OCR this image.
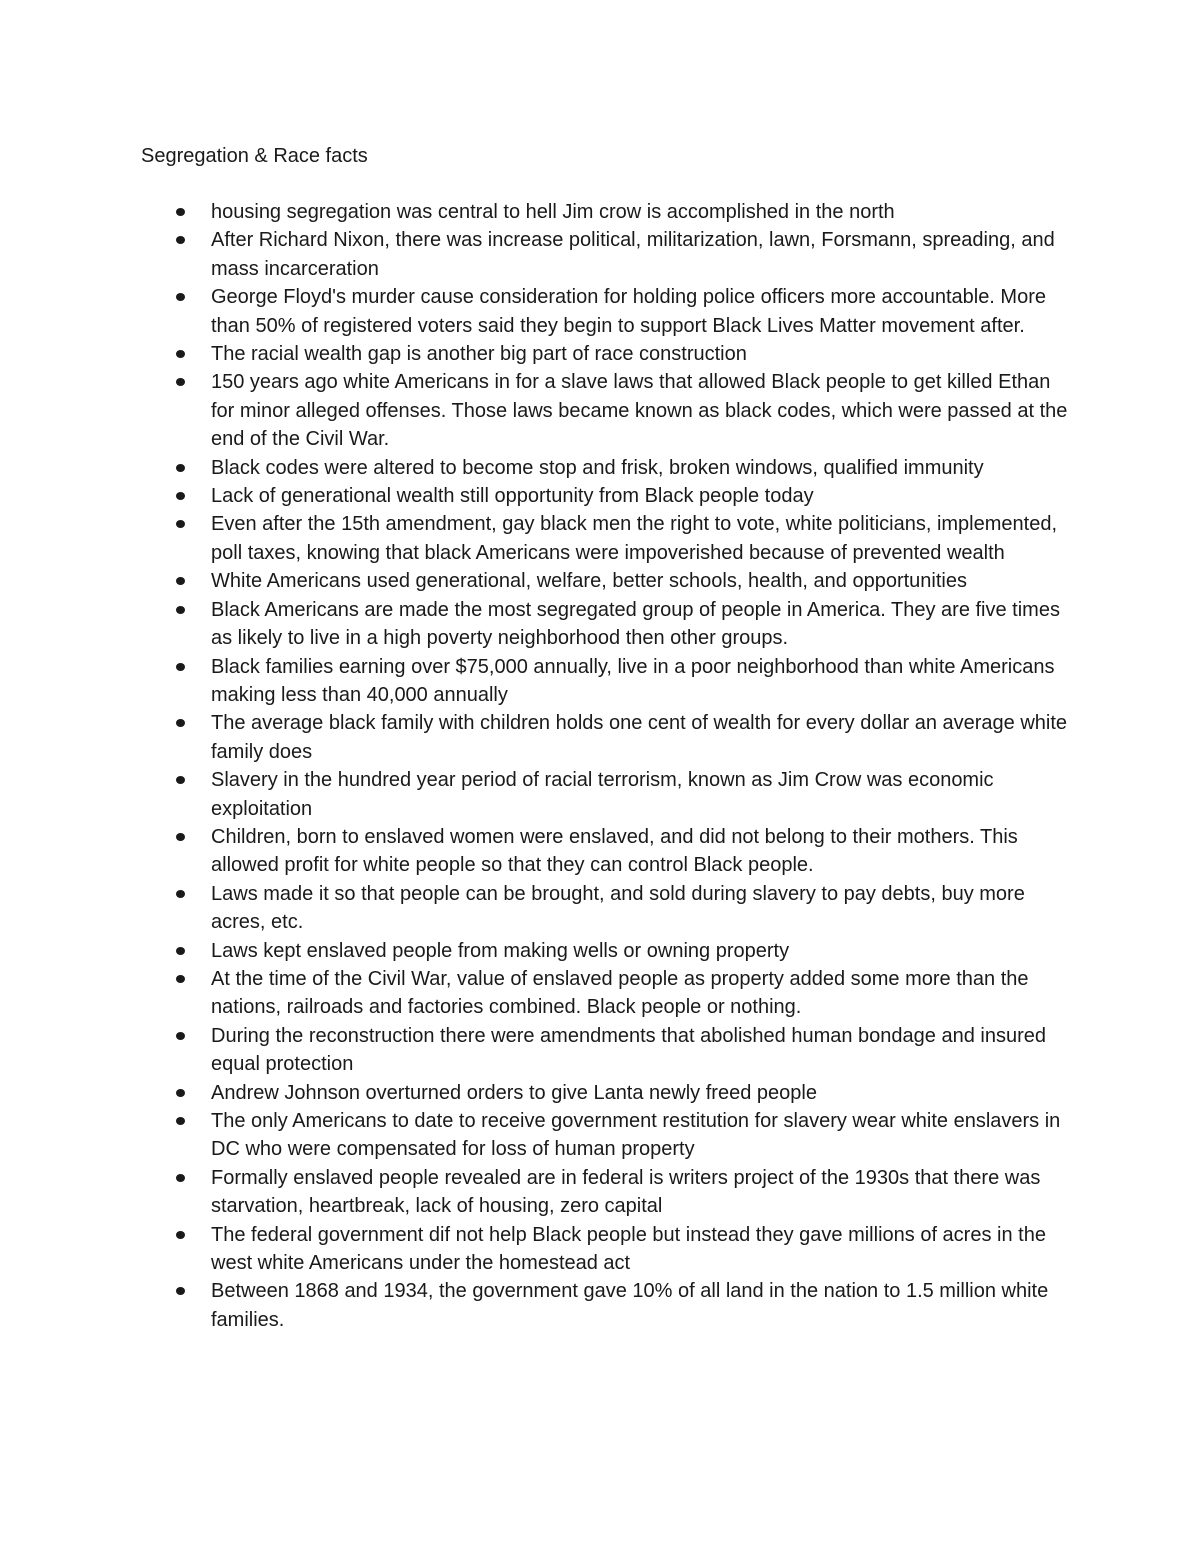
Segregation & Race facts
housing segregation was central to hell Jim crow is accomplished in the north
After Richard Nixon, there was increase political, militarization, lawn, Forsmann, spreading, and mass incarceration
George Floyd's murder cause consideration for holding police officers more accountable. More than 50% of registered voters said they begin to support Black Lives Matter movement after.
The racial wealth gap is another big part of race construction
150 years ago white Americans in for a slave laws that allowed Black people to get killed Ethan for minor alleged offenses. Those laws became known as black codes, which were passed at the end of the Civil War.
Black codes were altered to become stop and frisk, broken windows, qualified immunity
Lack of generational wealth still opportunity from Black people today
Even after the 15th amendment, gay black men the right to vote, white politicians, implemented, poll taxes, knowing that black Americans were impoverished because of prevented wealth
White Americans used generational, welfare, better schools, health, and opportunities
Black Americans are made the most segregated group of people in America. They are five times as likely to live in a high poverty neighborhood then other groups.
Black families earning over $75,000 annually, live in a poor neighborhood than white Americans making less than 40,000 annually
The average black family with children holds one cent of wealth for every dollar an average white family does
Slavery in the hundred year period of racial terrorism, known as Jim Crow was economic exploitation
Children, born to enslaved women were enslaved, and did not belong to their mothers. This allowed profit for white people so that they can control Black people.
Laws made it so that people can be brought, and sold during slavery to pay debts, buy more acres, etc.
Laws kept enslaved people from making wells or owning property
At the time of the Civil War, value of enslaved people as property added some more than the nations, railroads and factories combined. Black people or nothing.
During the reconstruction there were amendments that abolished human bondage and insured equal protection
Andrew Johnson overturned orders to give Lanta newly freed people
The only Americans to date to receive government restitution for slavery wear white enslavers in DC who were compensated for loss of human property
Formally enslaved people revealed are in federal is writers project of the 1930s that there was starvation, heartbreak, lack of housing, zero capital
The federal government dif not help Black people but instead they gave millions of acres in the west white Americans under the homestead act
Between 1868 and 1934, the government gave 10% of all land in the nation to 1.5 million white families.
